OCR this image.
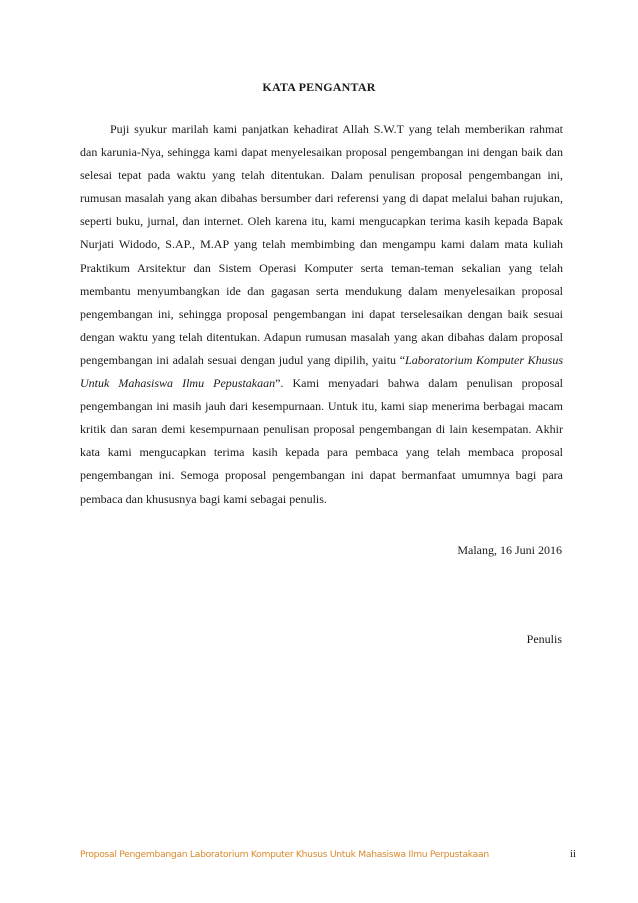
KATA PENGANTAR

Puji syukur marilah kami panjatkan kehadirat Allah S.W.T yang telah memberikan rahmat dan karunia-Nya, sehingga kami dapat menyelesaikan proposal pengembangan ini dengan baik dan selesai tepat pada waktu yang telah ditentukan. Dalam penulisan proposal pengembangan ini, rumusan masalah yang akan dibahas bersumber dari referensi yang di dapat melalui bahan rujukan, seperti buku, jurnal, dan internet. Oleh karena itu, kami mengucapkan terima kasih kepada Bapak Nurjati Widodo, S.AP., M.AP yang telah membimbing dan mengampu kami dalam mata kuliah Praktikum Arsitektur dan Sistem Operasi Komputer serta teman-teman sekalian yang telah membantu menyumbangkan ide dan gagasan serta mendukung dalam menyelesaikan proposal pengembangan ini, sehingga proposal pengembangan ini dapat terselesaikan dengan baik sesuai dengan waktu yang telah ditentukan. Adapun rumusan masalah yang akan dibahas dalam proposal pengembangan ini adalah sesuai dengan judul yang dipilih, yaitu “Laboratorium Komputer Khusus Untuk Mahasiswa Ilmu Pepustakaan”. Kami menyadari bahwa dalam penulisan proposal pengembangan ini masih jauh dari kesempurnaan. Untuk itu, kami siap menerima berbagai macam kritik dan saran demi kesempurnaan penulisan proposal pengembangan di lain kesempatan. Akhir kata kami mengucapkan terima kasih kepada para pembaca yang telah membaca proposal pengembangan ini. Semoga proposal pengembangan ini dapat bermanfaat umumnya bagi para pembaca dan khususnya bagi kami sebagai penulis.

Malang, 16 Juni 2016
Penulis
Proposal Pengembangan Laboratorium Komputer Khusus Untuk Mahasiswa Ilmu Perpustakaan	ii
